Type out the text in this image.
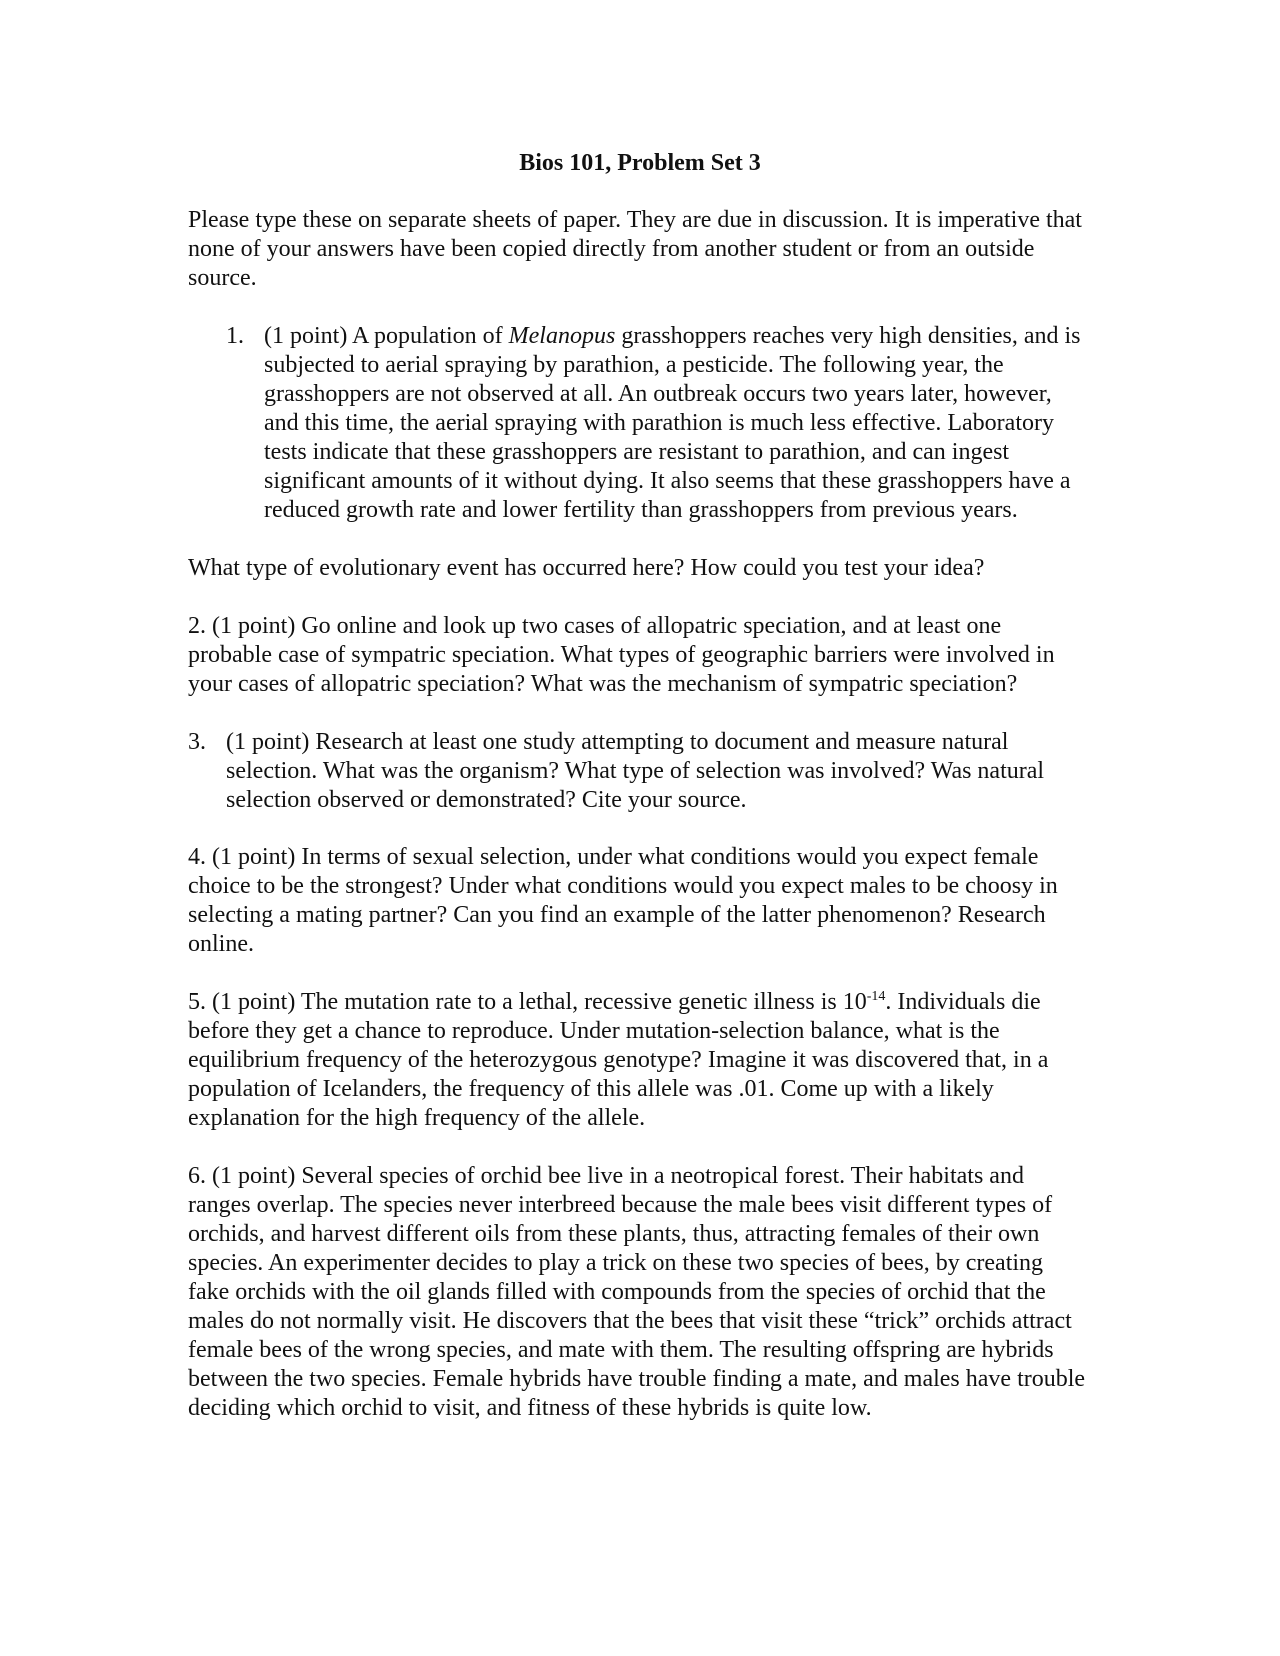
Bios 101, Problem Set 3

Please type these on separate sheets of paper. They are due in discussion. It is imperative that none of your answers have been copied directly from another student or from an outside source.

1. (1 point) A population of Melanopus grasshoppers reaches very high densities, and is subjected to aerial spraying by parathion, a pesticide. The following year, the grasshoppers are not observed at all. An outbreak occurs two years later, however, and this time, the aerial spraying with parathion is much less effective. Laboratory tests indicate that these grasshoppers are resistant to parathion, and can ingest significant amounts of it without dying. It also seems that these grasshoppers have a reduced growth rate and lower fertility than grasshoppers from previous years.

What type of evolutionary event has occurred here? How could you test your idea?

2. (1 point) Go online and look up two cases of allopatric speciation, and at least one probable case of sympatric speciation. What types of geographic barriers were involved in your cases of allopatric speciation? What was the mechanism of sympatric speciation?

3. (1 point) Research at least one study attempting to document and measure natural selection. What was the organism? What type of selection was involved? Was natural selection observed or demonstrated? Cite your source.

4. (1 point) In terms of sexual selection, under what conditions would you expect female choice to be the strongest? Under what conditions would you expect males to be choosy in selecting a mating partner? Can you find an example of the latter phenomenon? Research online.

5. (1 point) The mutation rate to a lethal, recessive genetic illness is $10^{-14}$. Individuals die before they get a chance to reproduce. Under mutation-selection balance, what is the equilibrium frequency of the heterozygous genotype? Imagine it was discovered that, in a population of Icelanders, the frequency of this allele was .01. Come up with a likely explanation for the high frequency of the allele.

6. (1 point) Several species of orchid bee live in a neotropical forest. Their habitats and ranges overlap. The species never interbreed because the male bees visit different types of orchids, and harvest different oils from these plants, thus, attracting females of their own species. An experimenter decides to play a trick on these two species of bees, by creating fake orchids with the oil glands filled with compounds from the species of orchid that the males do not normally visit. He discovers that the bees that visit these “trick” orchids attract female bees of the wrong species, and mate with them. The resulting offspring are hybrids between the two species. Female hybrids have trouble finding a mate, and males have trouble deciding which orchid to visit, and fitness of these hybrids is quite low.
